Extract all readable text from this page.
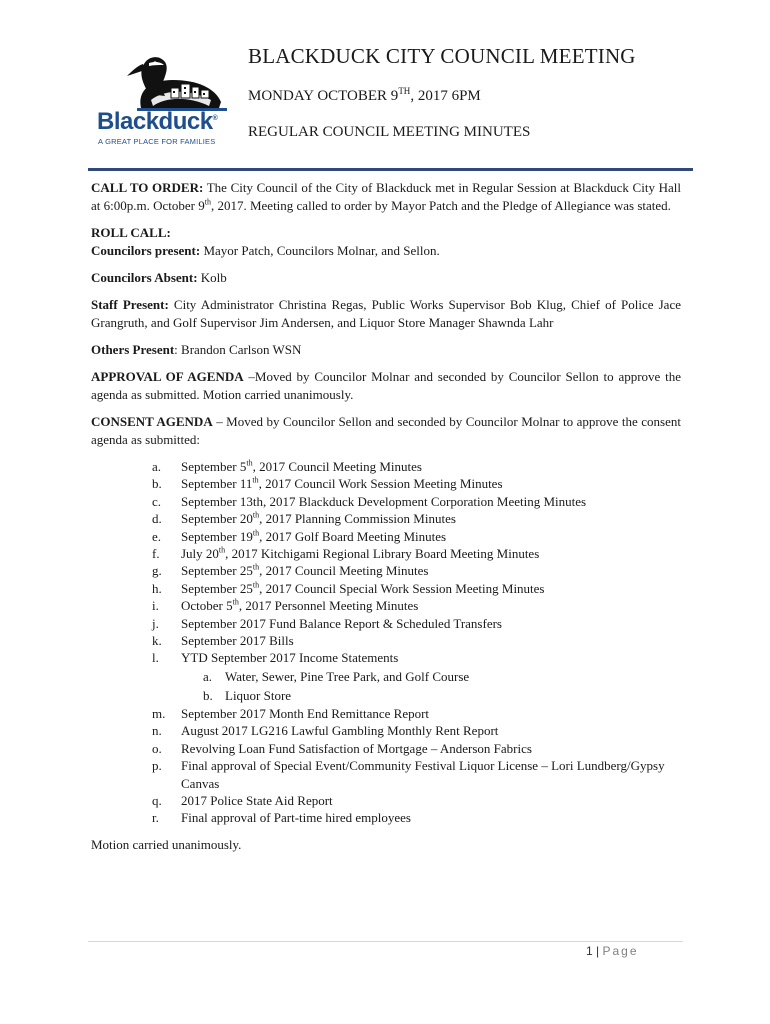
Blackduck®
A GREAT PLACE FOR FAMILIES
BLACKDUCK CITY COUNCIL MEETING
MONDAY OCTOBER 9TH, 2017 6PM
REGULAR COUNCIL MEETING MINUTES

CALL TO ORDER: The City Council of the City of Blackduck met in Regular Session at Blackduck City Hall at 6:00p.m. October 9th, 2017. Meeting called to order by Mayor Patch and the Pledge of Allegiance was stated.

ROLL CALL:
Councilors present: Mayor Patch, Councilors Molnar, and Sellon.

Councilors Absent: Kolb

Staff Present: City Administrator Christina Regas, Public Works Supervisor Bob Klug, Chief of Police Jace Grangruth, and Golf Supervisor Jim Andersen, and Liquor Store Manager Shawnda Lahr

Others Present: Brandon Carlson WSN

APPROVAL OF AGENDA –Moved by Councilor Molnar and seconded by Councilor Sellon to approve the agenda as submitted. Motion carried unanimously.

CONSENT AGENDA – Moved by Councilor Sellon and seconded by Councilor Molnar to approve the consent agenda as submitted:

a. September 5th, 2017 Council Meeting Minutes
b. September 11th, 2017 Council Work Session Meeting Minutes
c. September 13th, 2017 Blackduck Development Corporation Meeting Minutes
d. September 20th, 2017 Planning Commission Minutes
e. September 19th, 2017 Golf Board Meeting Minutes
f. July 20th, 2017 Kitchigami Regional Library Board Meeting Minutes
g. September 25th, 2017 Council Meeting Minutes
h. September 25th, 2017 Council Special Work Session Meeting Minutes
i. October 5th, 2017 Personnel Meeting Minutes
j. September 2017 Fund Balance Report & Scheduled Transfers
k. September 2017 Bills
l. YTD September 2017 Income Statements
a. Water, Sewer, Pine Tree Park, and Golf Course
b. Liquor Store
m. September 2017 Month End Remittance Report
n. August 2017 LG216 Lawful Gambling Monthly Rent Report
o. Revolving Loan Fund Satisfaction of Mortgage – Anderson Fabrics
p. Final approval of Special Event/Community Festival Liquor License – Lori Lundberg/Gypsy Canvas
q. 2017 Police State Aid Report
r. Final approval of Part-time hired employees

Motion carried unanimously.

1 | Page
